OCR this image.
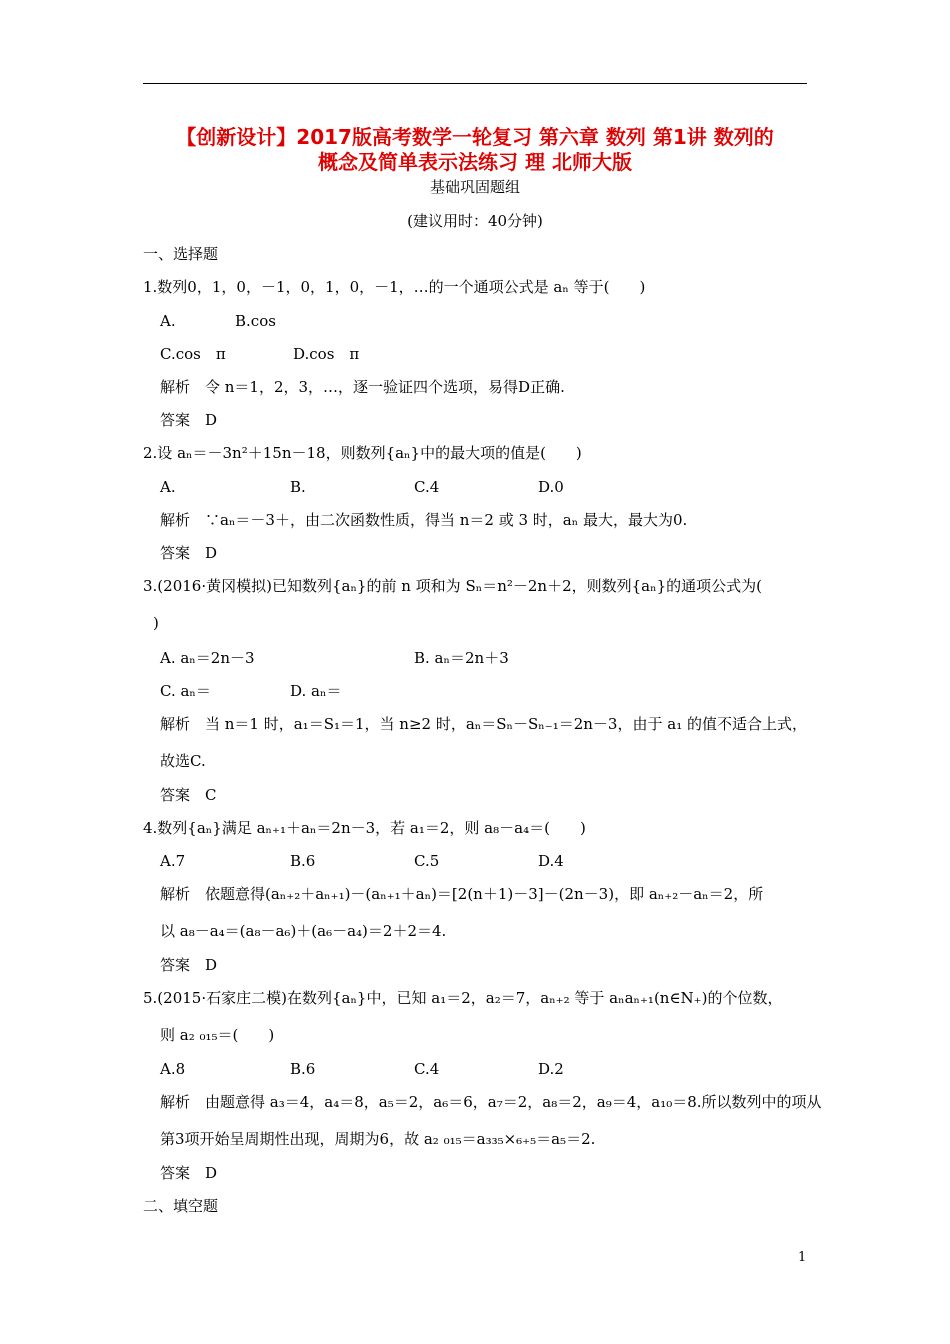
【创新设计】2017版高考数学一轮复习 第六章 数列 第1讲 数列的
概念及简单表示法练习 理 北师大版
基础巩固题组
(建议用时：40分钟)
一、选择题
1.数列0，1，0，－1，0，1，0，－1，…的一个通项公式是 aₙ 等于(　　)
A.	B.cos
C.cos　π	D.cos　π
解析　令 n＝1，2，3，…，逐一验证四个选项，易得D正确.
答案　D
2.设 aₙ＝－3n²＋15n－18，则数列{aₙ}中的最大项的值是(　　)
A.	B.	C.4	D.0
解析　∵aₙ＝－3＋，由二次函数性质，得当 n＝2 或 3 时，aₙ 最大，最大为0.
答案　D
3.(2016·黄冈模拟)已知数列{aₙ}的前 n 项和为 Sₙ＝n²－2n＋2，则数列{aₙ}的通项公式为(
)
A. aₙ＝2n－3	B. aₙ＝2n＋3
C. aₙ＝	D. aₙ＝
解析　当 n＝1 时，a₁＝S₁＝1，当 n≥2 时，aₙ＝Sₙ－Sₙ₋₁＝2n－3，由于 a₁ 的值不适合上式，
故选C.
答案　C
4.数列{aₙ}满足 aₙ₊₁＋aₙ＝2n－3，若 a₁＝2，则 a₈－a₄＝(　　)
A.7	B.6	C.5	D.4
解析　依题意得(aₙ₊₂＋aₙ₊₁)－(aₙ₊₁＋aₙ)＝[2(n＋1)－3]－(2n－3)，即 aₙ₊₂－aₙ＝2，所
以 a₈－a₄＝(a₈－a₆)＋(a₆－a₄)＝2＋2＝4.
答案　D
5.(2015·石家庄二模)在数列{aₙ}中，已知 a₁＝2，a₂＝7，aₙ₊₂ 等于 aₙaₙ₊₁(n∈N₊)的个位数，
则 a₂ ₀₁₅＝(　　)
A.8	B.6	C.4	D.2
解析　由题意得 a₃＝4，a₄＝8，a₅＝2，a₆＝6，a₇＝2，a₈＝2，a₉＝4，a₁₀＝8.所以数列中的项从
第3项开始呈周期性出现，周期为6，故 a₂ ₀₁₅＝a₃₃₅×₆₊₅＝a₅＝2.
答案　D
二、填空题
1
